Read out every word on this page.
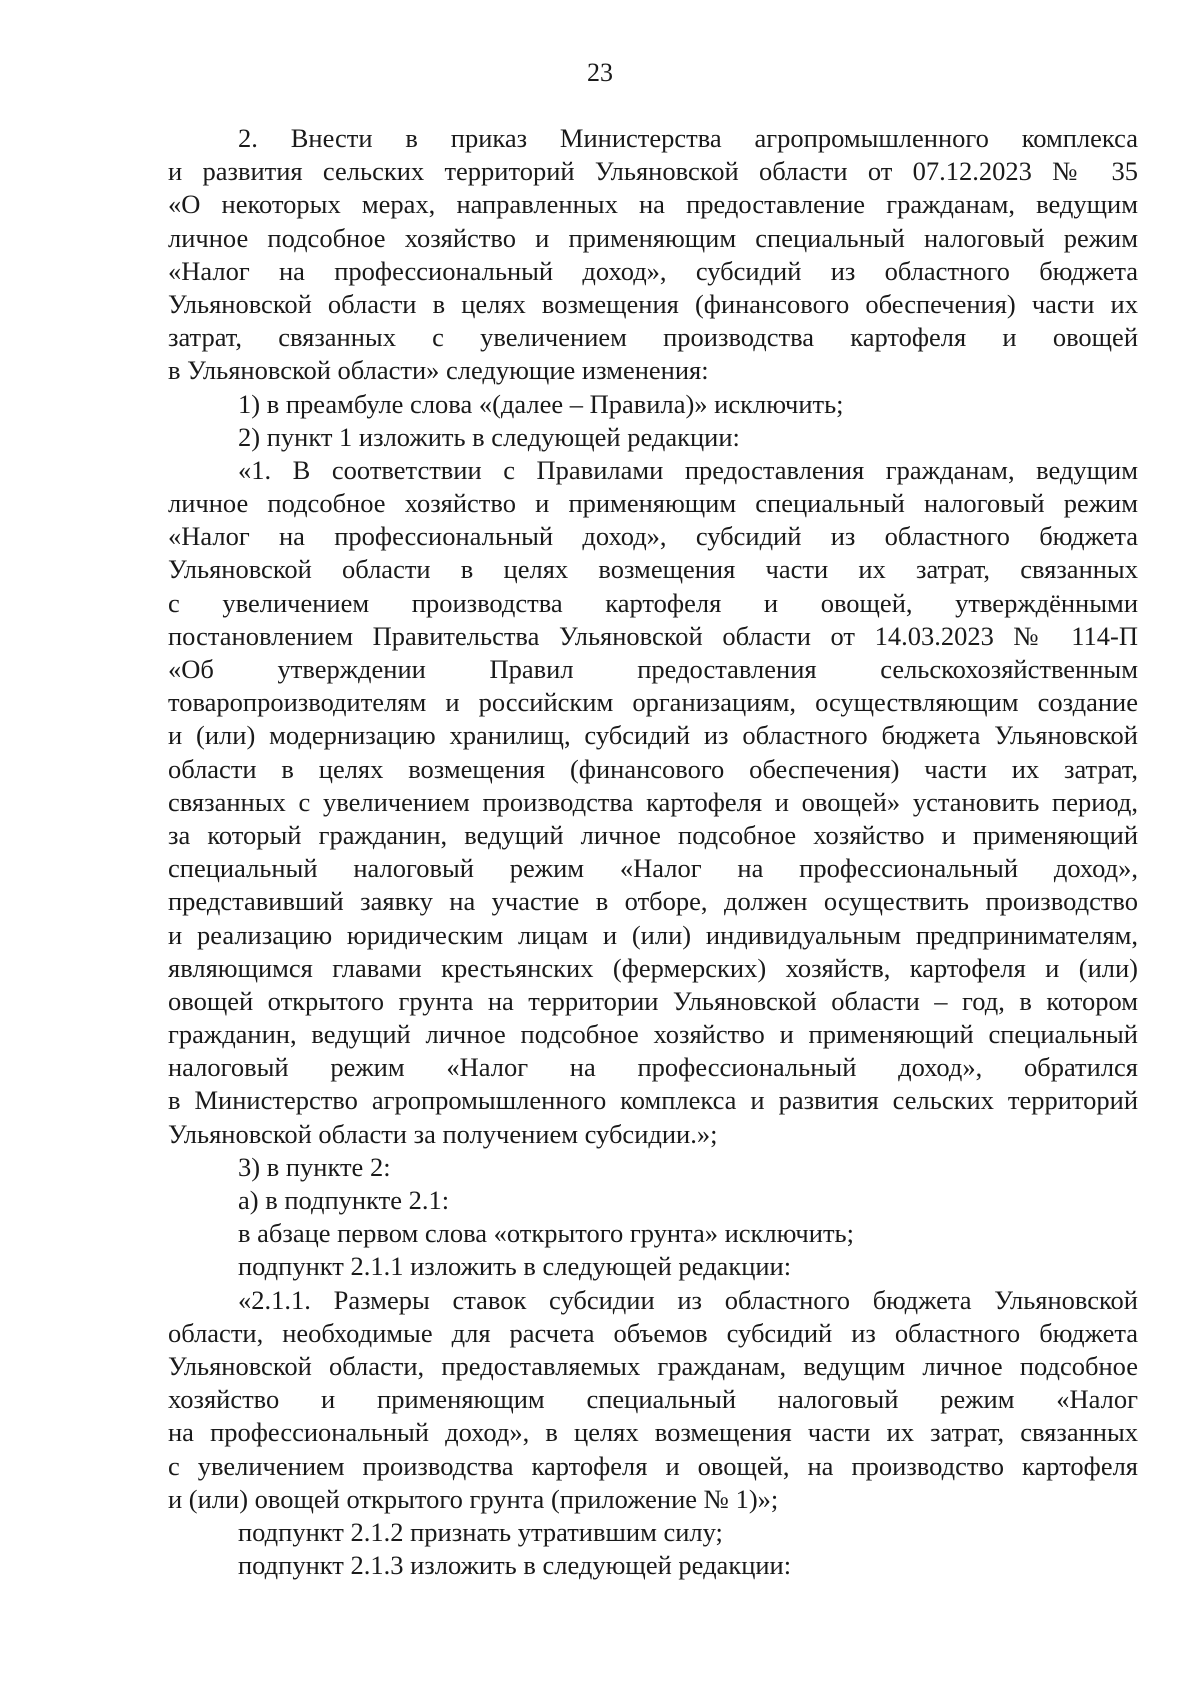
23
2. Внести в приказ Министерства агропромышленного комплекса
и развития сельских территорий Ульяновской области от 07.12.2023 № 35
«О некоторых мерах, направленных на предоставление гражданам, ведущим
личное подсобное хозяйство и применяющим специальный налоговый режим
«Налог на профессиональный доход», субсидий из областного бюджета
Ульяновской области в целях возмещения (финансового обеспечения) части их
затрат, связанных с увеличением производства картофеля и овощей
в Ульяновской области» следующие изменения:
1) в преамбуле слова «(далее – Правила)» исключить;
2) пункт 1 изложить в следующей редакции:
«1. В соответствии с Правилами предоставления гражданам, ведущим
личное подсобное хозяйство и применяющим специальный налоговый режим
«Налог на профессиональный доход», субсидий из областного бюджета
Ульяновской области в целях возмещения части их затрат, связанных
с увеличением производства картофеля и овощей, утверждёнными
постановлением Правительства Ульяновской области от 14.03.2023 № 114-П
«Об утверждении Правил предоставления сельскохозяйственным
товаропроизводителям и российским организациям, осуществляющим создание
и (или) модернизацию хранилищ, субсидий из областного бюджета Ульяновской
области в целях возмещения (финансового обеспечения) части их затрат,
связанных с увеличением производства картофеля и овощей» установить период,
за который гражданин, ведущий личное подсобное хозяйство и применяющий
специальный налоговый режим «Налог на профессиональный доход»,
представивший заявку на участие в отборе, должен осуществить производство
и реализацию юридическим лицам и (или) индивидуальным предпринимателям,
являющимся главами крестьянских (фермерских) хозяйств, картофеля и (или)
овощей открытого грунта на территории Ульяновской области – год, в котором
гражданин, ведущий личное подсобное хозяйство и применяющий специальный
налоговый режим «Налог на профессиональный доход», обратился
в Министерство агропромышленного комплекса и развития сельских территорий
Ульяновской области за получением субсидии.»;
3) в пункте 2:
а) в подпункте 2.1:
в абзаце первом слова «открытого грунта» исключить;
подпункт 2.1.1 изложить в следующей редакции:
«2.1.1. Размеры ставок субсидии из областного бюджета Ульяновской
области, необходимые для расчета объемов субсидий из областного бюджета
Ульяновской области, предоставляемых гражданам, ведущим личное подсобное
хозяйство и применяющим специальный налоговый режим «Налог
на профессиональный доход», в целях возмещения части их затрат, связанных
с увеличением производства картофеля и овощей, на производство картофеля
и (или) овощей открытого грунта (приложение № 1)»;
подпункт 2.1.2 признать утратившим силу;
подпункт 2.1.3 изложить в следующей редакции:
